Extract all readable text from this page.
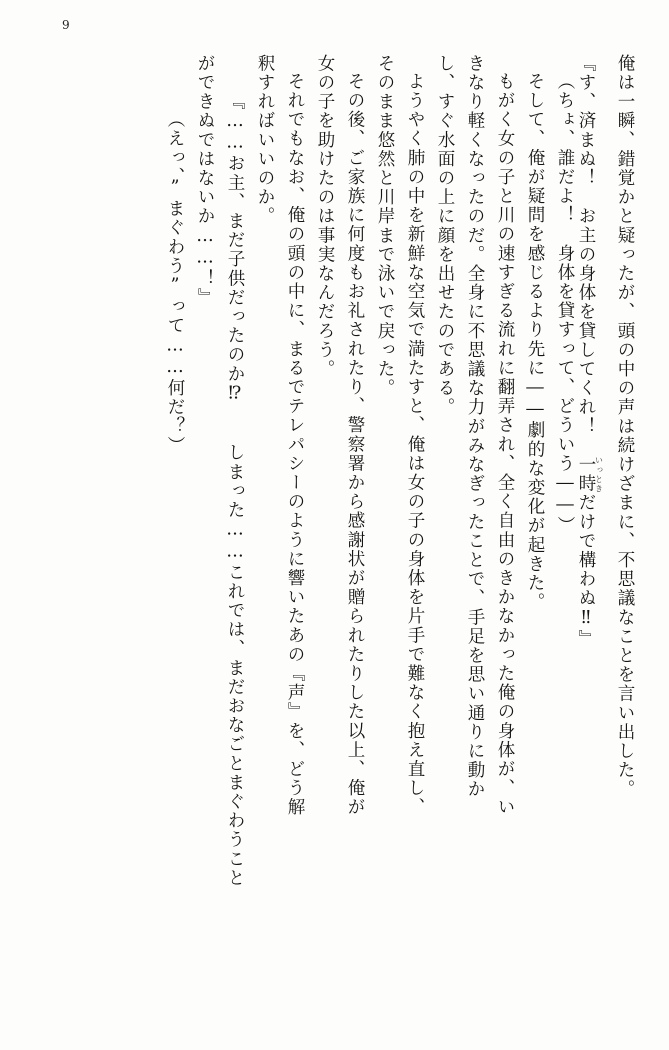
9
俺は一瞬、錯覚かと疑ったが、頭の中の声は続けざまに、不思議なことを言い出した。
『す、済まぬ！　お主の身体を貸してくれ！　一時いっときだけで構わぬ‼』
（ちょ、誰だよ！　身体を貸すって、どういう――）
そして、俺が疑問を感じるより先に――劇的な変化が起きた。
もがく女の子と川の速すぎる流れに翻弄され、全く自由のきかなかった俺の身体が、い
きなり軽くなったのだ。全身に不思議な力がみなぎったことで、手足を思い通りに動か
し、すぐ水面の上に顔を出せたのである。
ようやく肺の中を新鮮な空気で満たすと、俺は女の子の身体を片手で難なく抱え直し、
そのまま悠然と川岸まで泳いで戻った。
その後、ご家族に何度もお礼されたり、警察署から感謝状が贈られたりした以上、俺が
女の子を助けたのは事実なんだろう。
それでもなお、俺の頭の中に、まるでテレパシーのように響いたあの『声』を、どう解
釈すればいいのか。
『……お主、まだ子供だったのか⁉　　しまった……これでは、まだおなごとまぐわうこと
ができぬではないか……！』
（えっ、”まぐわう”って……何だ？）
